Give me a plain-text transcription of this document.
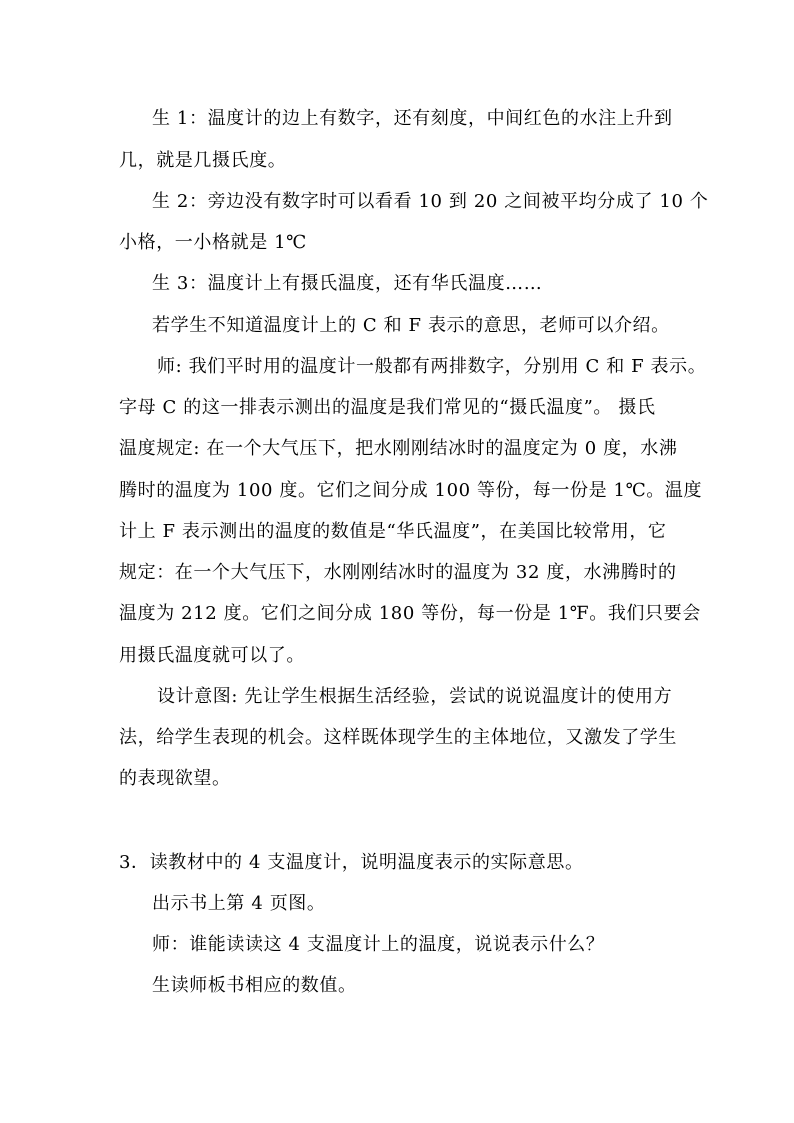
生 1：温度计的边上有数字，还有刻度，中间红色的水注上升到
几，就是几摄氏度。
生 2：旁边没有数字时可以看看 10 到 20 之间被平均分成了 10 个
小格，一小格就是 1℃
生 3：温度计上有摄氏温度，还有华氏温度……
若学生不知道温度计上的 C 和 F 表示的意思，老师可以介绍。
师: 我们平时用的温度计一般都有两排数字，分别用 C 和 F 表示。
字母 C 的这一排表示测出的温度是我们常见的“摄氏温度”。 摄氏
温度规定: 在一个大气压下，把水刚刚结冰时的温度定为 0 度，水沸
腾时的温度为 100 度。它们之间分成 100 等份，每一份是 1℃。温度
计上 F 表示测出的温度的数值是“华氏温度”，在美国比较常用，它
规定：在一个大气压下，水刚刚结冰时的温度为 32 度，水沸腾时的
温度为 212 度。它们之间分成 180 等份，每一份是 1℉。我们只要会
用摄氏温度就可以了。
设计意图: 先让学生根据生活经验，尝试的说说温度计的使用方
法，给学生表现的机会。这样既体现学生的主体地位，又激发了学生
的表现欲望。
3．读教材中的 4 支温度计，说明温度表示的实际意思。
出示书上第 4 页图。
师：谁能读读这 4 支温度计上的温度，说说表示什么？
生读师板书相应的数值。
